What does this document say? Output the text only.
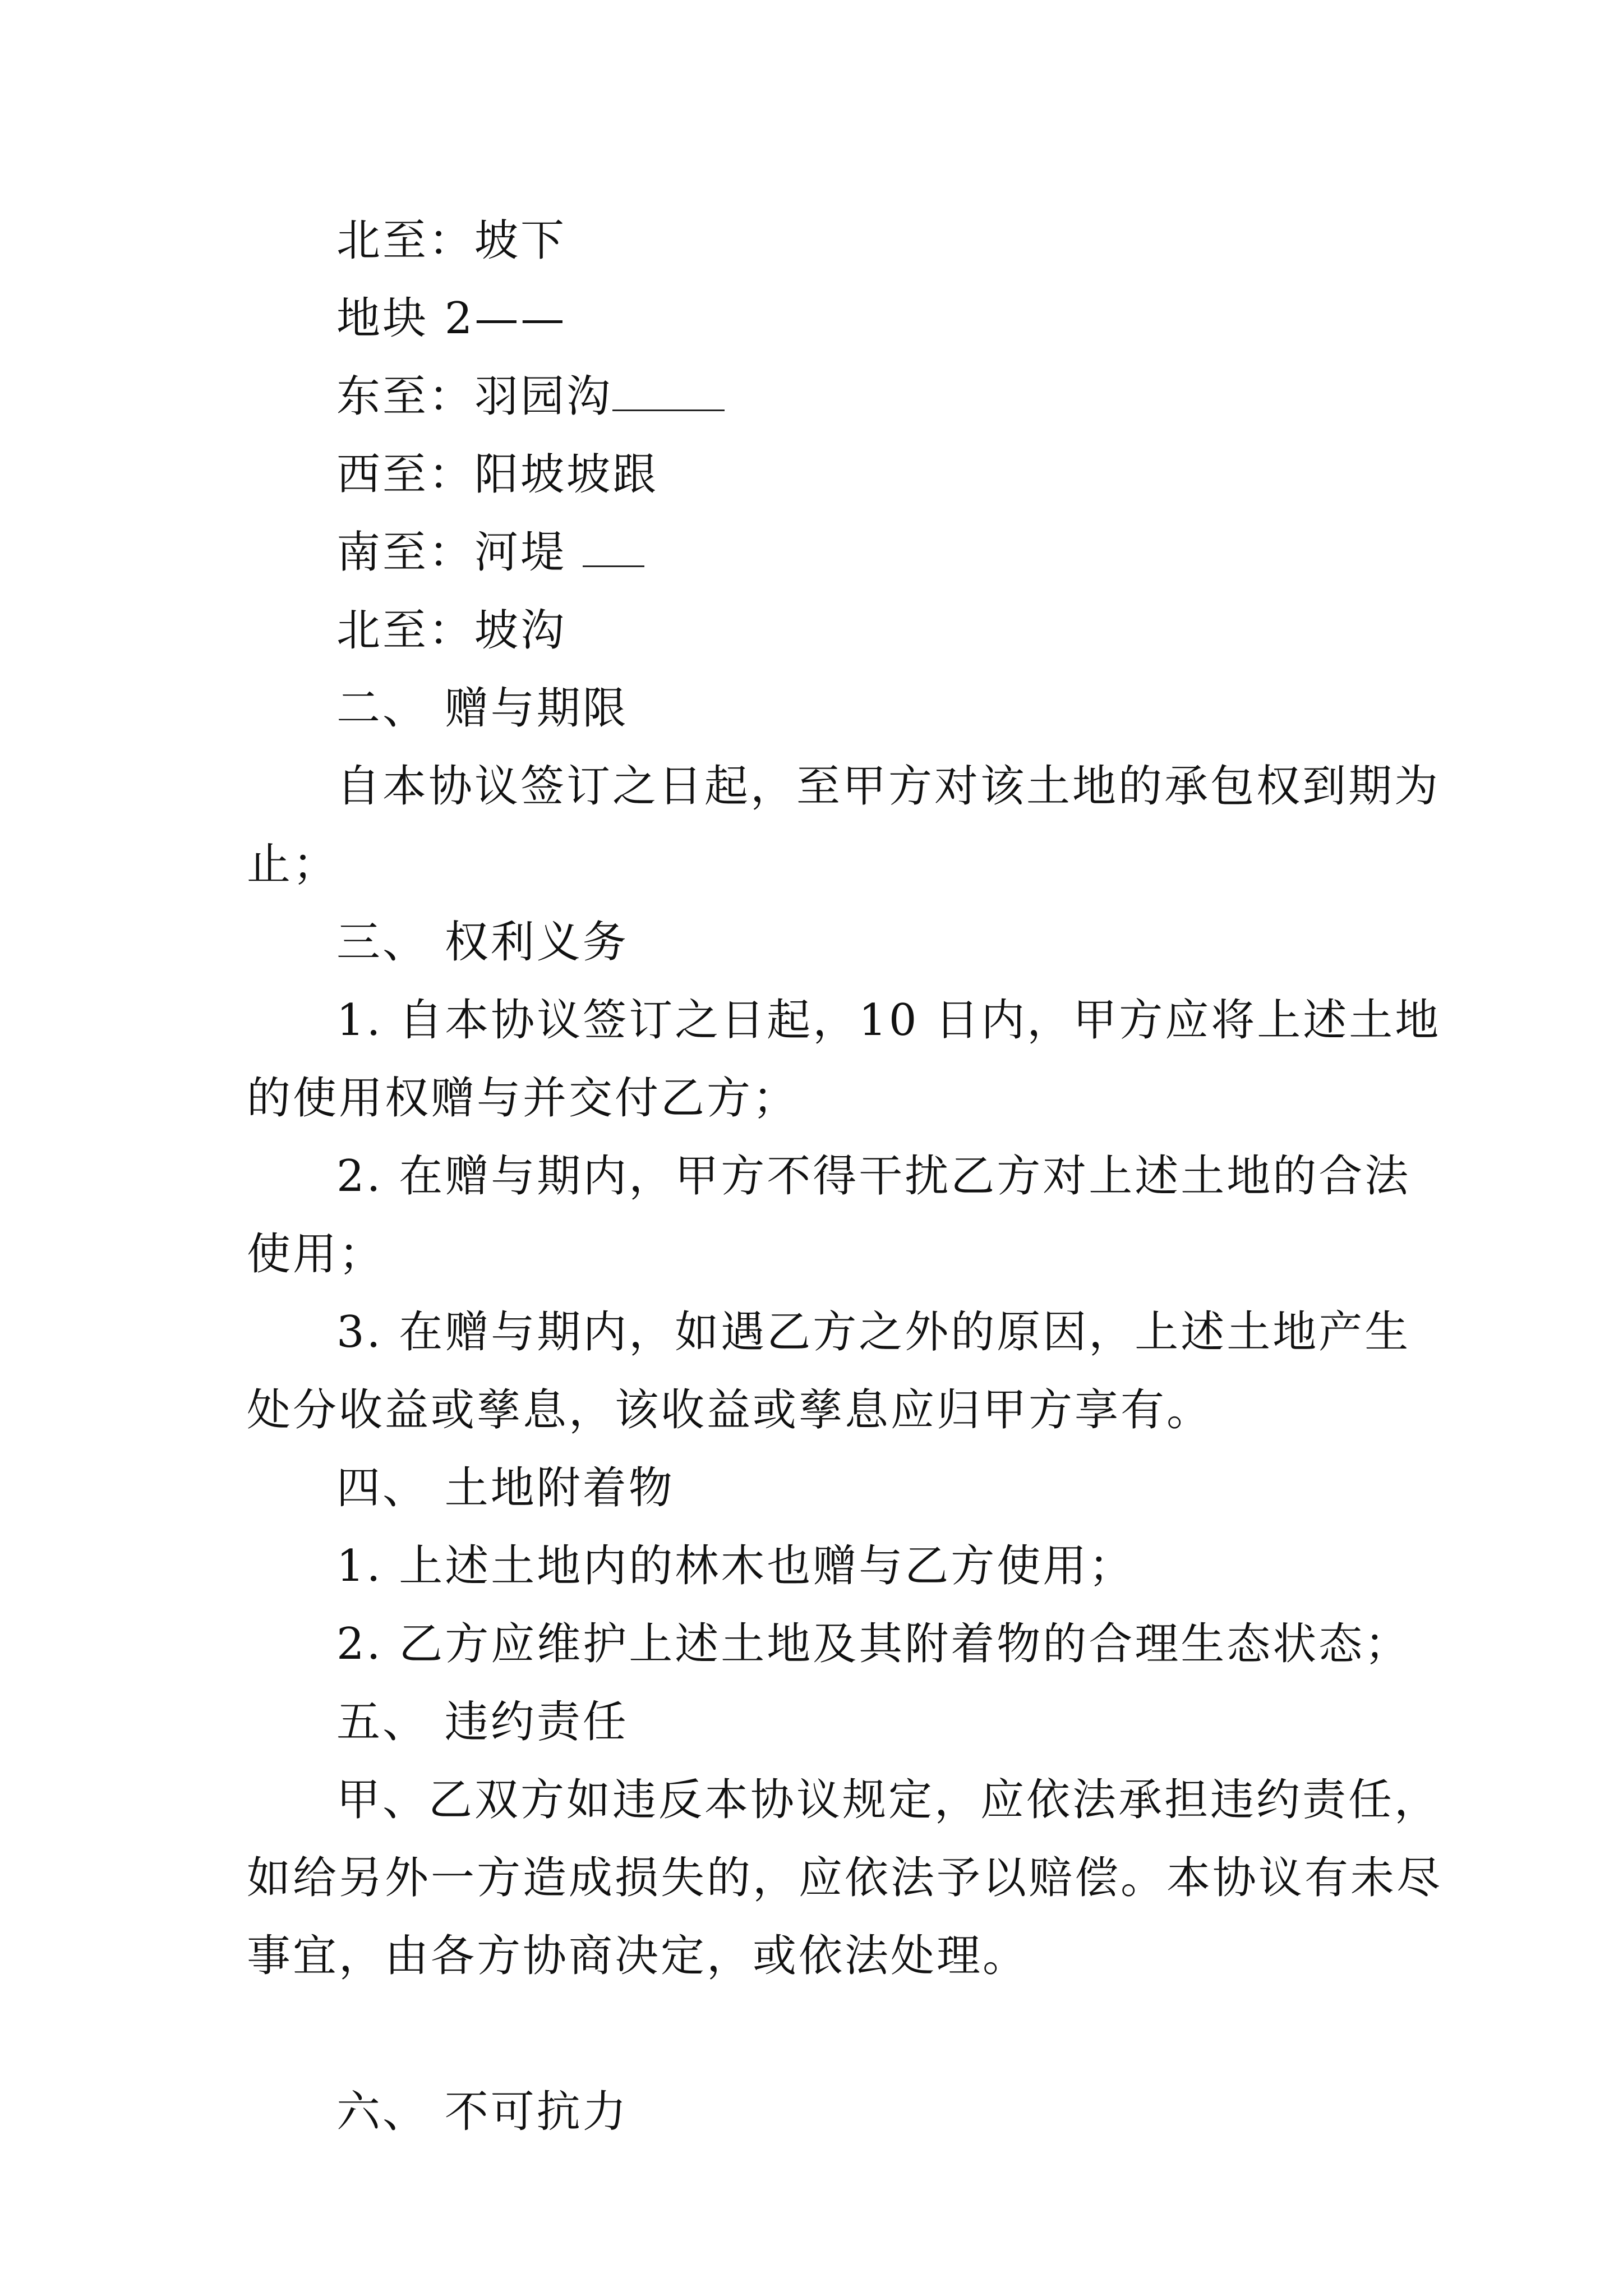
北至：坡下
地块 2——
东至：羽园沟
西至：阳坡坡跟
南至：河堤
北至：坡沟
二、 赠与期限
自本协议签订之日起，至甲方对该土地的承包权到期为
止；
三、 权利义务
1. 自本协议签订之日起，10 日内，甲方应将上述土地
的使用权赠与并交付乙方；
2. 在赠与期内，甲方不得干扰乙方对上述土地的合法
使用；
3. 在赠与期内，如遇乙方之外的原因，上述土地产生
处分收益或孳息，该收益或孳息应归甲方享有。
四、 土地附着物
1. 上述土地内的林木也赠与乙方使用；
2. 乙方应维护上述土地及其附着物的合理生态状态；
五、 违约责任
甲、乙双方如违反本协议规定，应依法承担违约责任，
如给另外一方造成损失的，应依法予以赔偿。本协议有未尽
事宜，由各方协商决定，或依法处理。
六、 不可抗力
